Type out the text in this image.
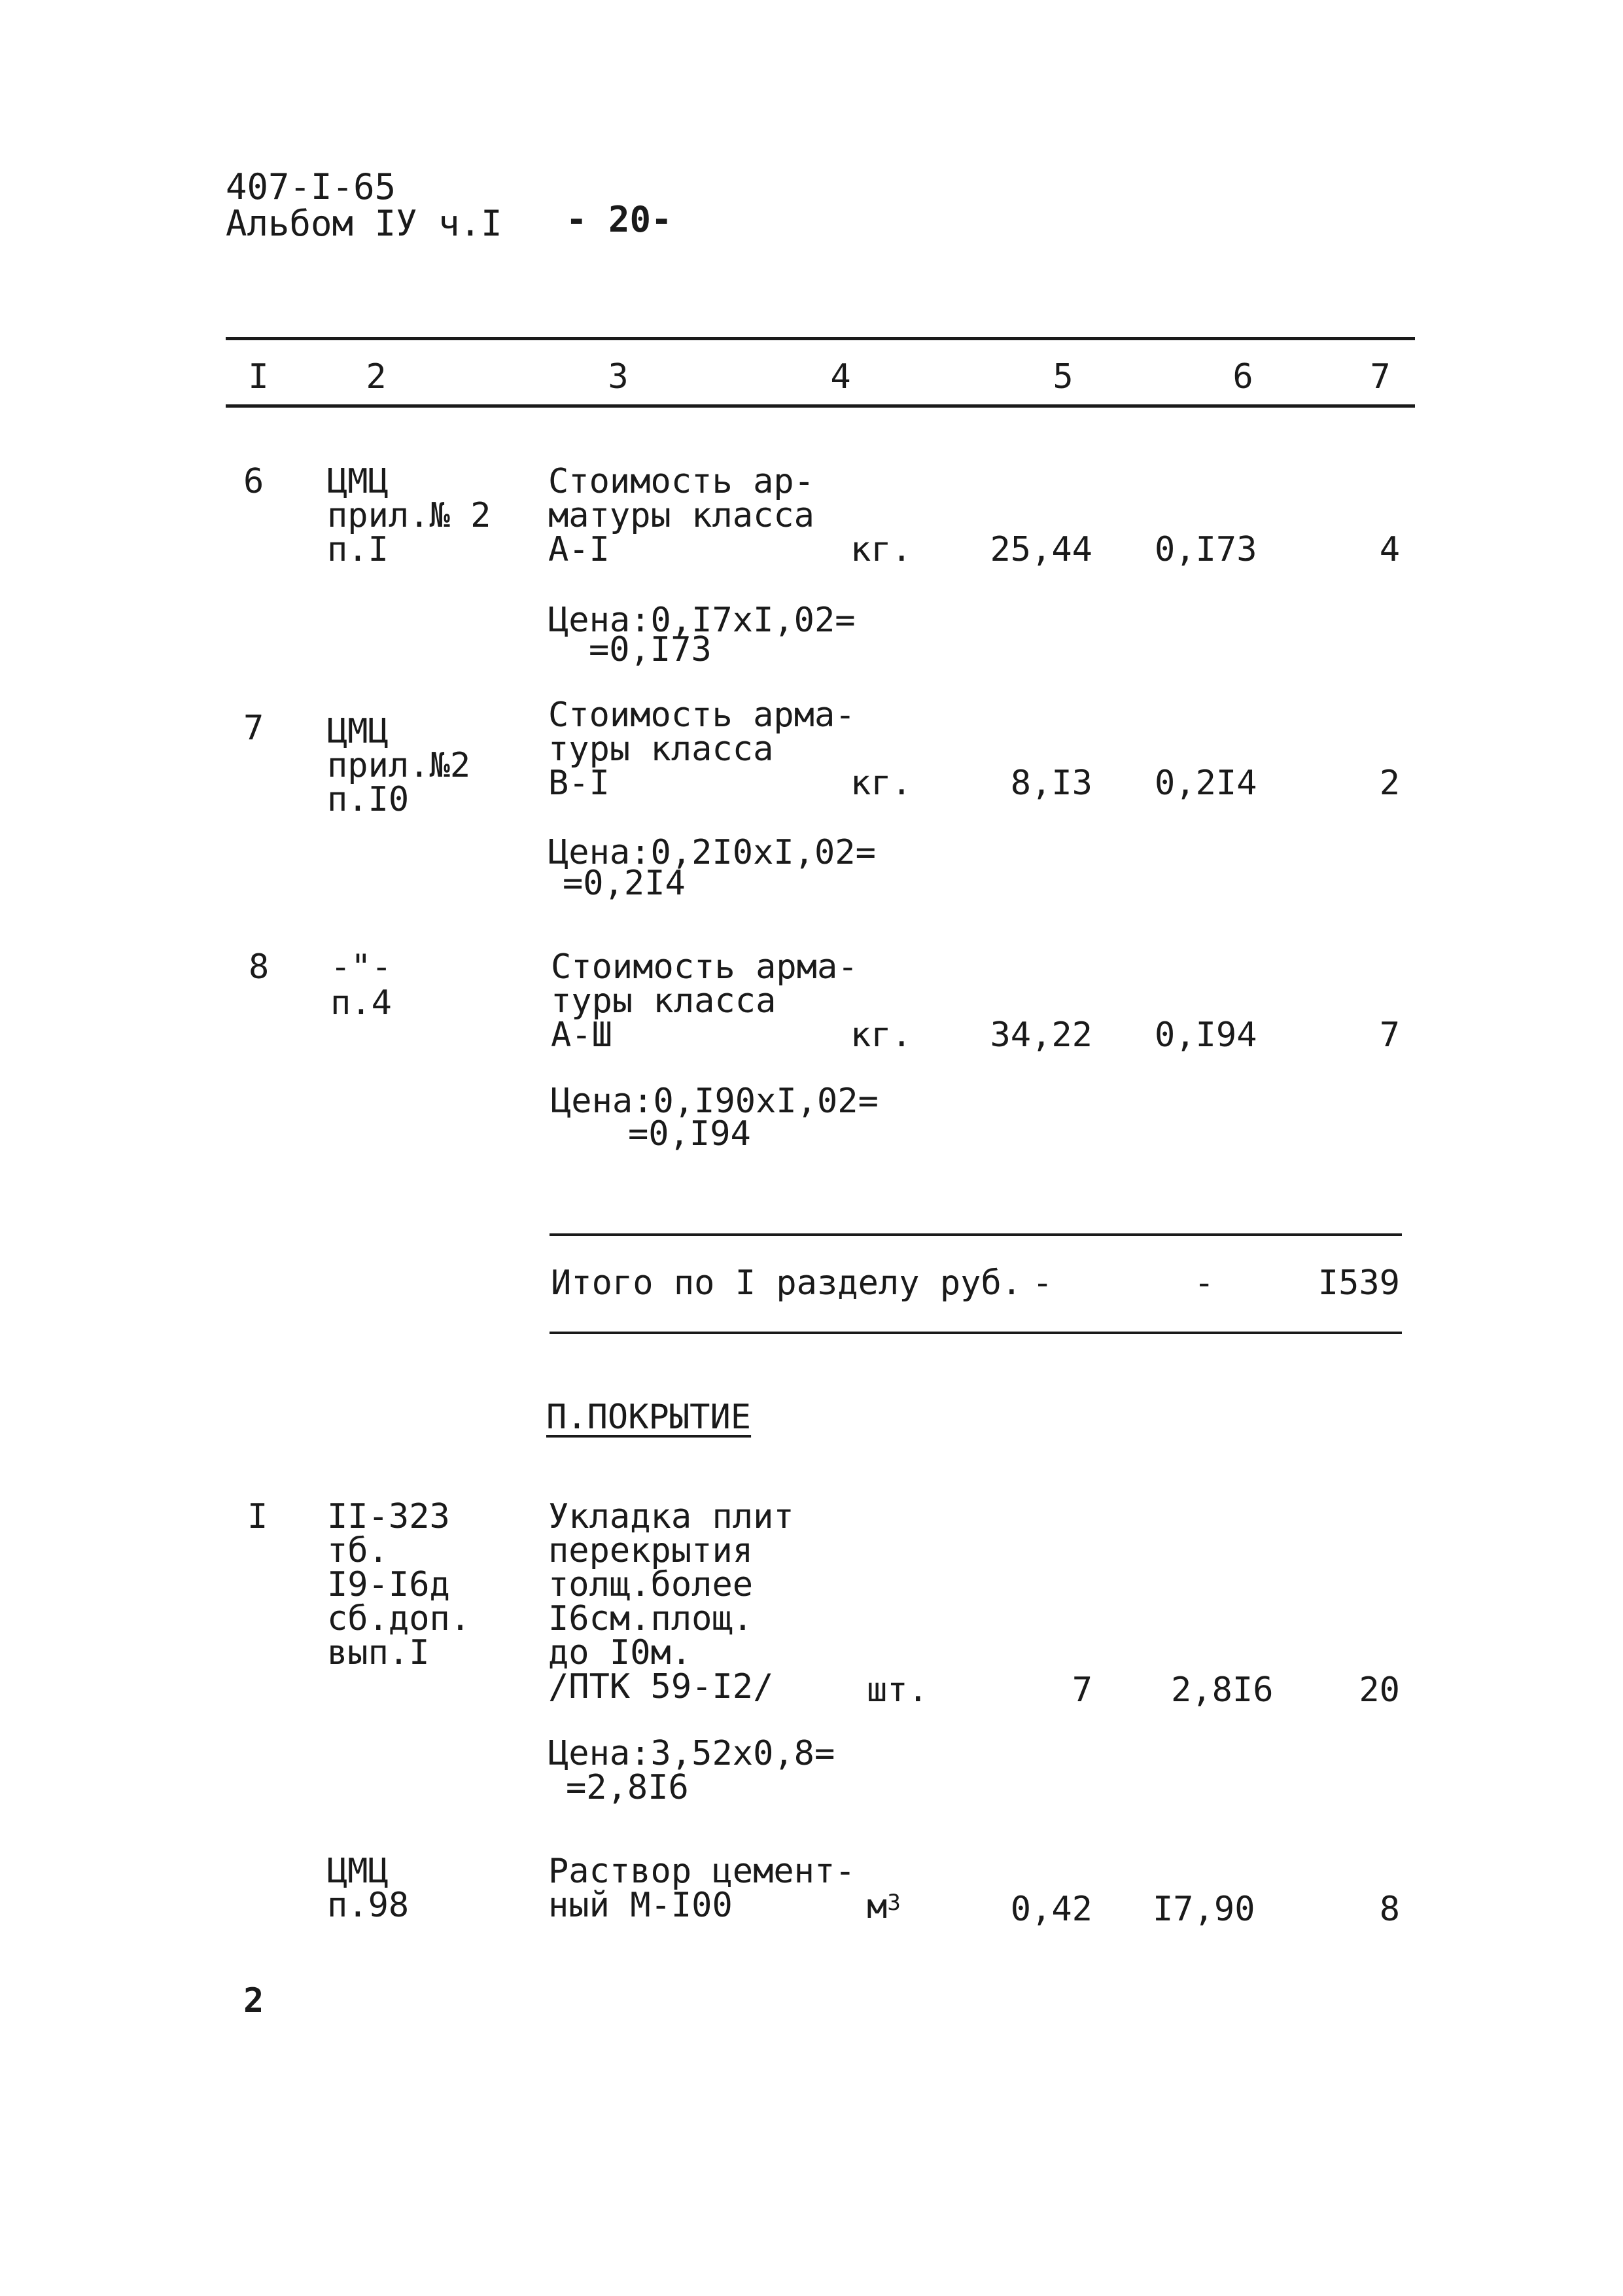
407-I-65
Альбом IУ ч.I - 20-
I	2	3	4	5	6	7
6 ЦМЦ
прил.№ 2
п.I
Стоимость ар-
матуры класса
А-I	кг. 25,44 0,I73	4
Цена:0,I7хI,02=
=0,I73
7 ЦМЦ
прил.№2
п.I0
Стоимость арма-
туры класса
В-I	кг.	8,I3 0,2I4	2
Цена:0,2I0хI,02=
=0,2I4
8 -"-
п.4
Стоимость арма-
туры класса
А-Ш	кг. 34,22 0,I94	7
Цена:0,I90хI,02=
=0,I94
Итого по I разделу руб. -	-	I539
П.ПОКРЫТИЕ
I II-323
тб.
I9-I6д
сб.доп.
вып.I
Укладка плит
перекрытия
толщ.более
I6см.площ.
до I0м.
/ПТК 59-I2/	шт.	7 2,8I6	20
Цена:3,52х0,8=
=2,8I6
ЦМЦ
п.98
Раствор цемент-
ный М-I00	$м^3$	0,42 I7,90	8
2
